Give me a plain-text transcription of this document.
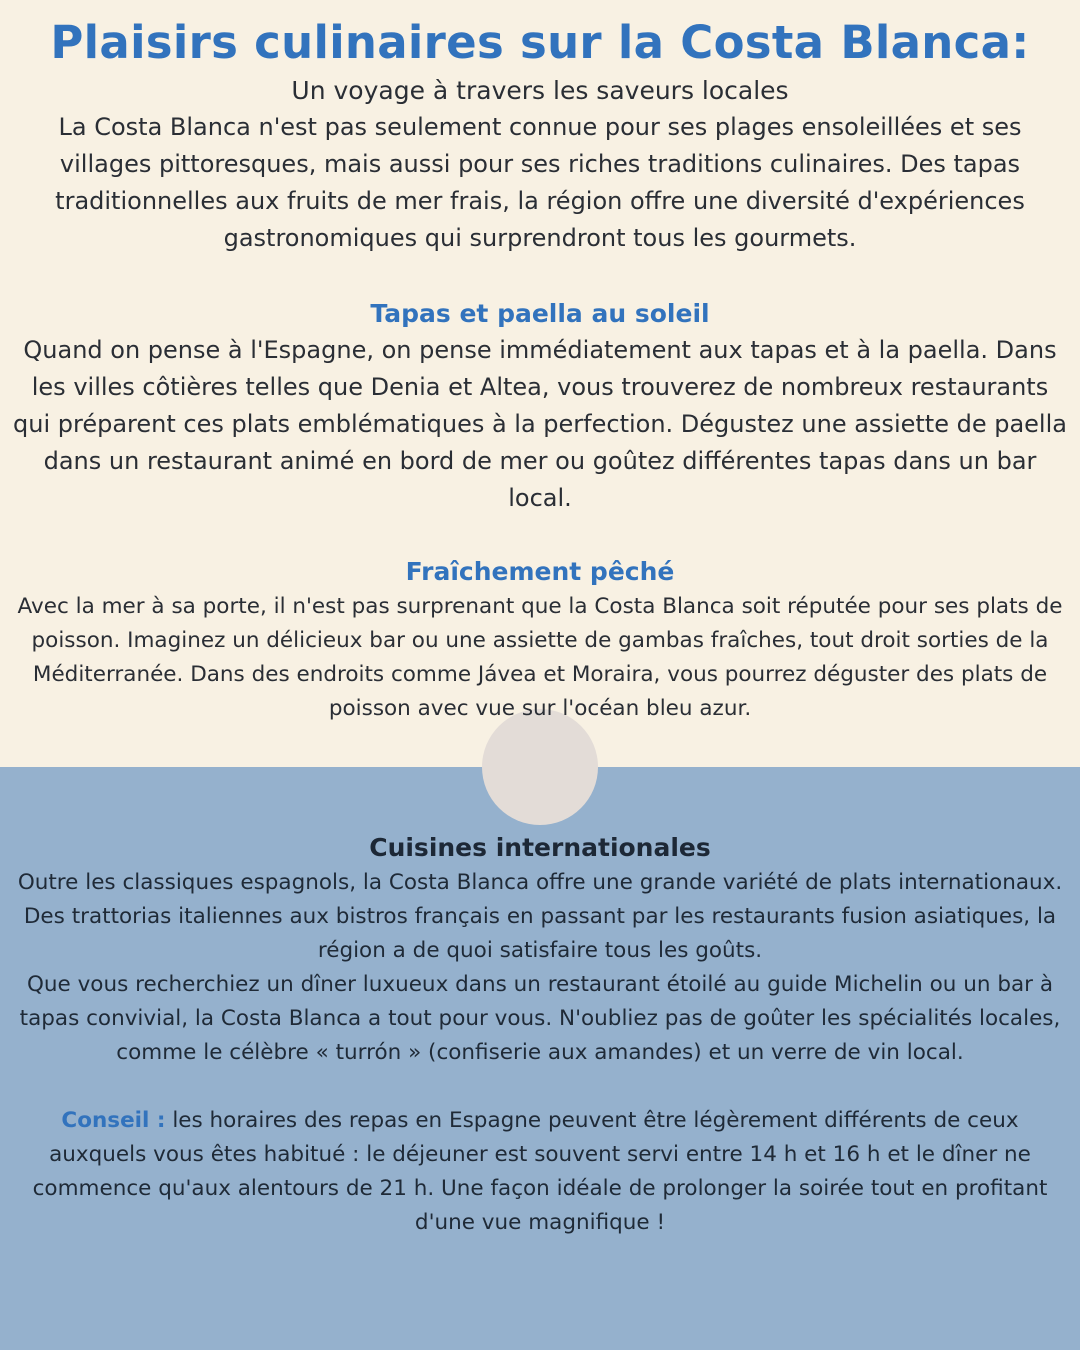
Plaisirs culinaires sur la Costa Blanca:

Un voyage à travers les saveurs locales

La Costa Blanca n'est pas seulement connue pour ses plages ensoleillées et ses villages pittoresques, mais aussi pour ses riches traditions culinaires. Des tapas traditionnelles aux fruits de mer frais, la région offre une diversité d'expériences gastronomiques qui surprendront tous les gourmets.

Tapas et paella au soleil

Quand on pense à l'Espagne, on pense immédiatement aux tapas et à la paella. Dans les villes côtières telles que Denia et Altea, vous trouverez de nombreux restaurants qui préparent ces plats emblématiques à la perfection. Dégustez une assiette de paella dans un restaurant animé en bord de mer ou goûtez différentes tapas dans un bar local.

Fraîchement pêché

Avec la mer à sa porte, il n'est pas surprenant que la Costa Blanca soit réputée pour ses plats de poisson. Imaginez un délicieux bar ou une assiette de gambas fraîches, tout droit sorties de la Méditerranée. Dans des endroits comme Jávea et Moraira, vous pourrez déguster des plats de poisson avec vue sur l'océan bleu azur.

Cuisines internationales

Outre les classiques espagnols, la Costa Blanca offre une grande variété de plats internationaux. Des trattorias italiennes aux bistros français en passant par les restaurants fusion asiatiques, la région a de quoi satisfaire tous les goûts.

Que vous recherchiez un dîner luxueux dans un restaurant étoilé au guide Michelin ou un bar à tapas convivial, la Costa Blanca a tout pour vous. N'oubliez pas de goûter les spécialités locales, comme le célèbre « turrón » (confiserie aux amandes) et un verre de vin local.

Conseil : les horaires des repas en Espagne peuvent être légèrement différents de ceux auxquels vous êtes habitué : le déjeuner est souvent servi entre 14 h et 16 h et le dîner ne commence qu'aux alentours de 21 h. Une façon idéale de prolonger la soirée tout en profitant d'une vue magnifique !
